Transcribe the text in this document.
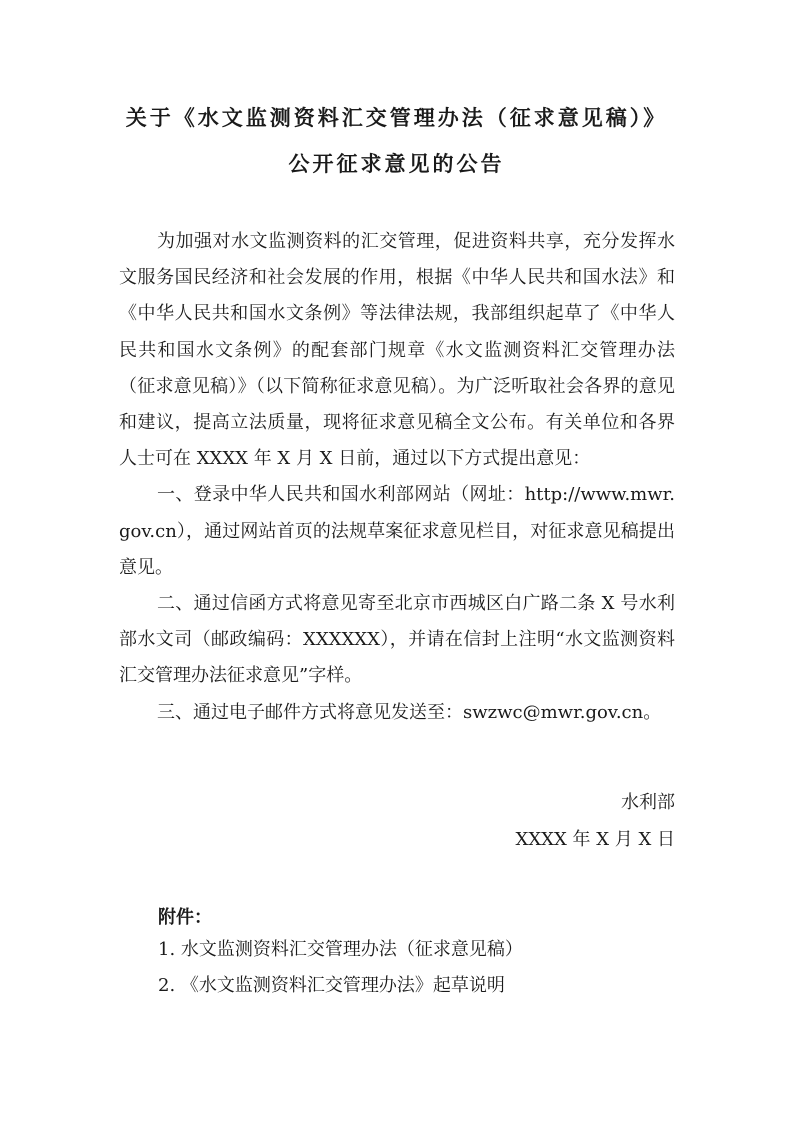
关于《水文监测资料汇交管理办法（征求意见稿）》
公开征求意见的公告

为加强对水文监测资料的汇交管理，促进资料共享，充分发挥水文服务国民经济和社会发展的作用，根据《中华人民共和国水法》和《中华人民共和国水文条例》等法律法规，我部组织起草了《中华人民共和国水文条例》的配套部门规章《水文监测资料汇交管理办法（征求意见稿）》（以下简称征求意见稿）。为广泛听取社会各界的意见和建议，提高立法质量，现将征求意见稿全文公布。有关单位和各界人士可在 XXXX 年 X 月 X 日前，通过以下方式提出意见：

一、登录中华人民共和国水利部网站（网址：http://www.mwr.gov.cn），通过网站首页的法规草案征求意见栏目，对征求意见稿提出意见。

二、通过信函方式将意见寄至北京市西城区白广路二条 X 号水利部水文司（邮政编码：XXXXXX），并请在信封上注明“水文监测资料汇交管理办法征求意见”字样。

三、通过电子邮件方式将意见发送至：swzwc@mwr.gov.cn。

水利部
XXXX 年 X 月 X 日
附件：
1. 水文监测资料汇交管理办法（征求意见稿）
2. 《水文监测资料汇交管理办法》起草说明
